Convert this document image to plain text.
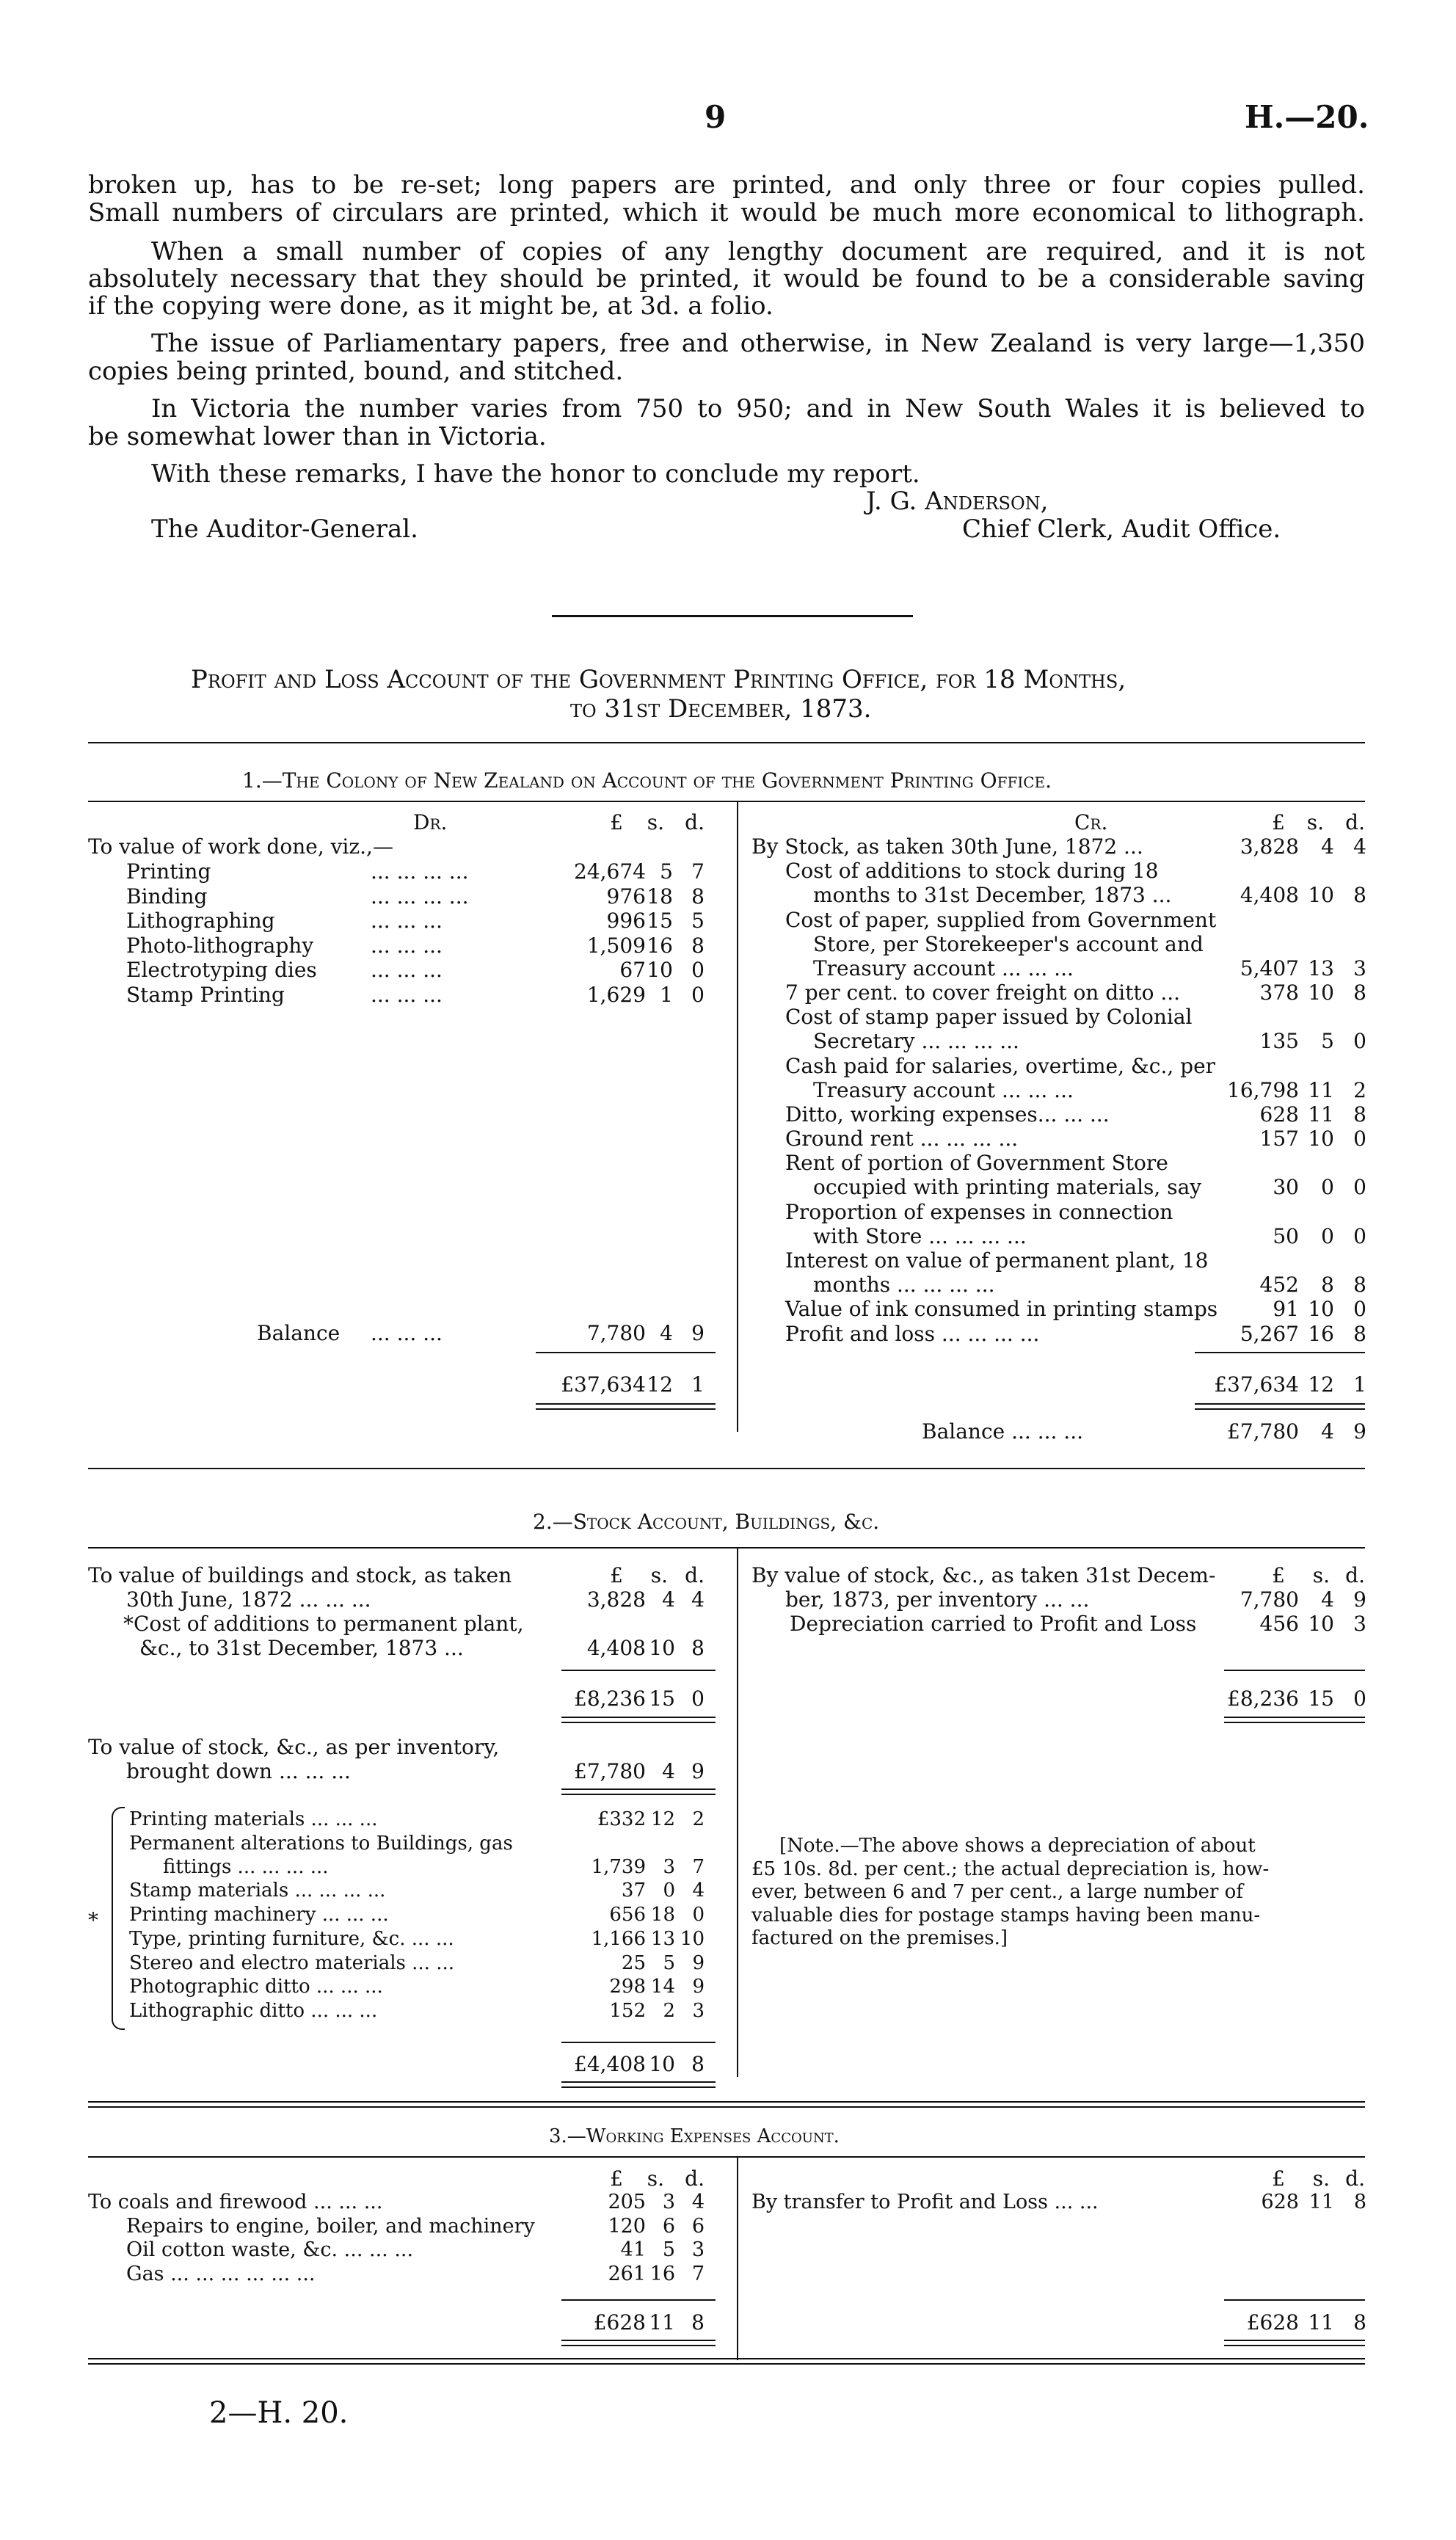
9	H.—20.
broken up, has to be re-set; long papers are printed, and only three or four copies pulled.
Small numbers of circulars are printed, which it would be much more economical to lithograph.
When a small number of copies of any lengthy document are required, and it is not
absolutely necessary that they should be printed, it would be found to be a considerable saving
if the copying were done, as it might be, at 3d. a folio.
The issue of Parliamentary papers, free and otherwise, in New Zealand is very large—1,350
copies being printed, bound, and stitched.
In Victoria the number varies from 750 to 950; and in New South Wales it is believed to
be somewhat lower than in Victoria.
With these remarks, I have the honor to conclude my report.
J. G. Anderson,
Chief Clerk, Audit Office.
The Auditor-General.
Profit and Loss Account of the Government Printing Office, for 18 Months,
to 31st December, 1873.
1.—The Colony of New Zealand on Account of the Government Printing Office.
Dr.	Cr.
£	s.	d.	£	s.	d.
To value of work done, viz.,—
Printing	... ... ... ...	24,674 5 7
Binding	... ... ... ...	976 18 8
Lithographing	... ... ...	996 15 5
Photo-lithography	... ... ...	1,509 16 8
Electrotyping dies	... ... ...	67 10 0
Stamp Printing	... ... ...	1,629 1 0
Balance ... ... ...	7,780 4 9
£37,634 12 1
By Stock, as taken 30th June, 1872 ...	3,828	4 4
Cost of additions to stock during 18
months to 31st December, 1873 ...	4,408 10 8
Cost of paper, supplied from Government
Store, per Storekeeper's account and
Treasury account ... ... ...	5,407 13 3
7 per cent. to cover freight on ditto ...	378 10 8
Cost of stamp paper issued by Colonial
Secretary ... ... ... ...	135	5 0
Cash paid for salaries, overtime, &c., per
Treasury account ... ... ...	16,798 11 2
Ditto, working expenses... ... ...	628 11 8
Ground rent ... ... ... ...	157 10 0
Rent of portion of Government Store
occupied with printing materials, say	30	0 0
Proportion of expenses in connection
with Store ... ... ... ...	50	0 0
Interest on value of permanent plant, 18
months ... ... ... ...	452	8 8
Value of ink consumed in printing stamps	91 10 0
Profit and loss ... ... ... ...	5,267 16 8
£37,634 12 1
Balance ... ... ...	£7,780	4 9
2.—Stock Account, Buildings, &c.
£	s. d.	£	s. d.
To value of buildings and stock, as taken
30th June, 1872 ... ... ...	3,828 4 4
*Cost of additions to permanent plant,
&c., to 31st December, 1873 ...	4,408 10 8
£8,236 15 0
By value of stock, &c., as taken 31st Decem-
ber, 1873, per inventory ... ...	7,780	4 9
Depreciation carried to Profit and Loss	456 10 3
£8,236 15 0
To value of stock, &c., as per inventory,
brought down ... ... ...	£7,780 4 9
*
Printing materials ... ... ...	£332 12 2
Permanent alterations to Buildings, gas
fittings ... ... ... ...	1,739 3 7
Stamp materials ... ... ... ...	37 0 4
Printing machinery ... ... ...	656 18 0
Type, printing furniture, &c. ... ...	1,166 13 10
Stereo and electro materials ... ...	25 5 9
Photographic ditto ... ... ...	298 14 9
Lithographic ditto ... ... ...	152 2 3
£4,408 10 8
[Note.—The above shows a depreciation of about
£5 10s. 8d. per cent.; the actual depreciation is, how-
ever, between 6 and 7 per cent., a large number of
valuable dies for postage stamps having been manu-
factured on the premises.]
3.—Working Expenses Account.
£	s.	d.	£	s. d.
To coals and firewood ... ... ...	205 3 4
Repairs to engine, boiler, and machinery	120 6 6
Oil cotton waste, &c. ... ... ...	41 5 3
Gas ... ... ... ... ... ...	261 16 7
£628 11 8
By transfer to Profit and Loss ... ...	628 11 8
£628 11 8
2—H. 20.
